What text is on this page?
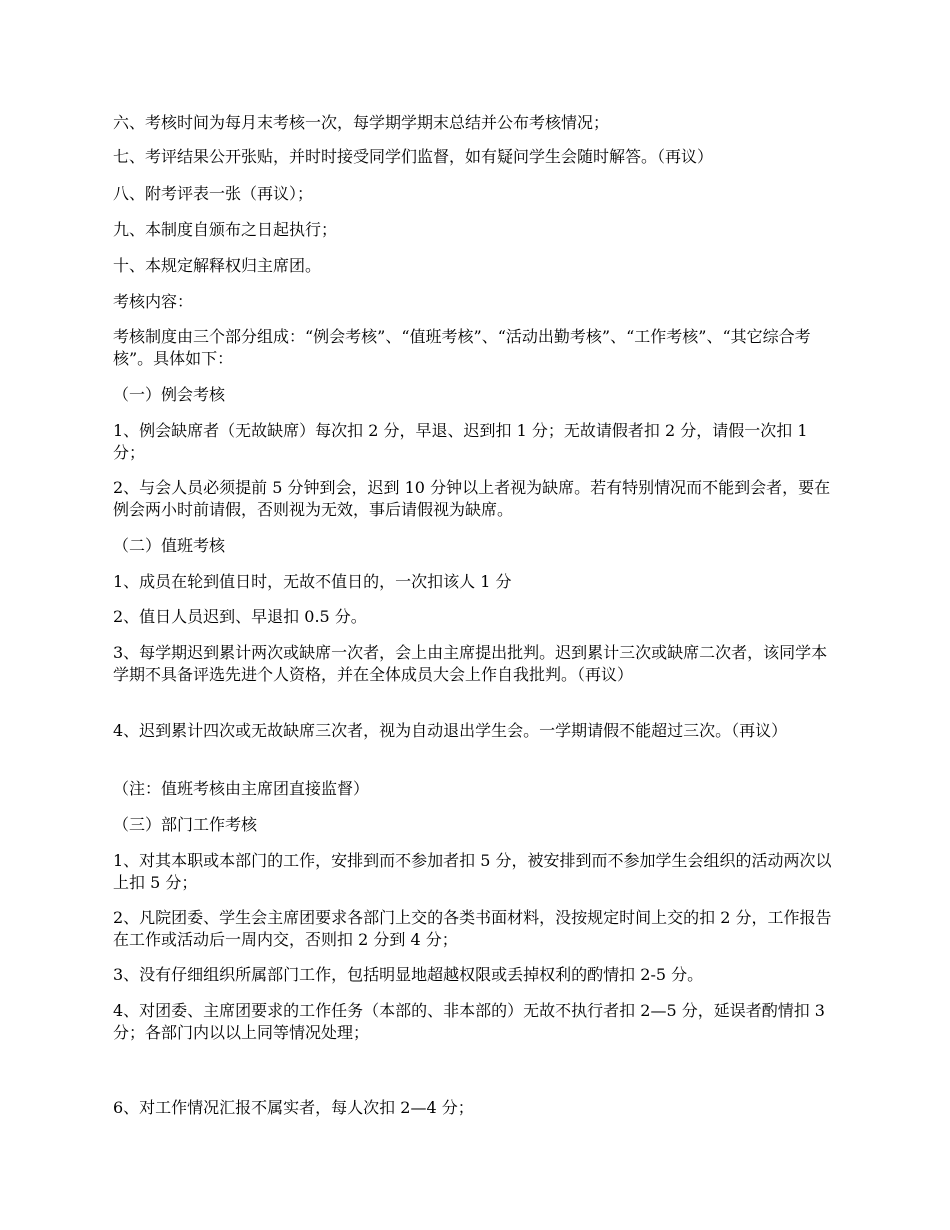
六、考核时间为每月末考核一次，每学期学期末总结并公布考核情况；

七、考评结果公开张贴，并时时接受同学们监督，如有疑问学生会随时解答。（再议）

八、附考评表一张（再议）；

九、本制度自颁布之日起执行；

十、本规定解释权归主席团。

考核内容：

考核制度由三个部分组成：“例会考核”、“值班考核”、“活动出勤考核”、“工作考核”、“其它综合考核”。具体如下：

（一）例会考核

1、例会缺席者（无故缺席）每次扣 2 分，早退、迟到扣 1 分；无故请假者扣 2 分，请假一次扣 1 分；

2、与会人员必须提前 5 分钟到会，迟到 10 分钟以上者视为缺席。若有特别情况而不能到会者，要在例会两小时前请假，否则视为无效，事后请假视为缺席。

（二）值班考核

1、成员在轮到值日时，无故不值日的，一次扣该人 1 分

2、值日人员迟到、早退扣 0.5 分。

3、每学期迟到累计两次或缺席一次者，会上由主席提出批判。迟到累计三次或缺席二次者，该同学本学期不具备评选先进个人资格，并在全体成员大会上作自我批判。（再议）

4、迟到累计四次或无故缺席三次者，视为自动退出学生会。一学期请假不能超过三次。（再议）

（注：值班考核由主席团直接监督）

（三）部门工作考核

1、对其本职或本部门的工作，安排到而不参加者扣 5 分，被安排到而不参加学生会组织的活动两次以上扣 5 分；

2、凡院团委、学生会主席团要求各部门上交的各类书面材料，没按规定时间上交的扣 2 分，工作报告在工作或活动后一周内交，否则扣 2 分到 4 分；

3、没有仔细组织所属部门工作，包括明显地超越权限或丢掉权利的酌情扣 2-5 分。

4、对团委、主席团要求的工作任务（本部的、非本部的）无故不执行者扣 2—5 分，延误者酌情扣 3 分；各部门内以以上同等情况处理；

6、对工作情况汇报不属实者，每人次扣 2—4 分；
